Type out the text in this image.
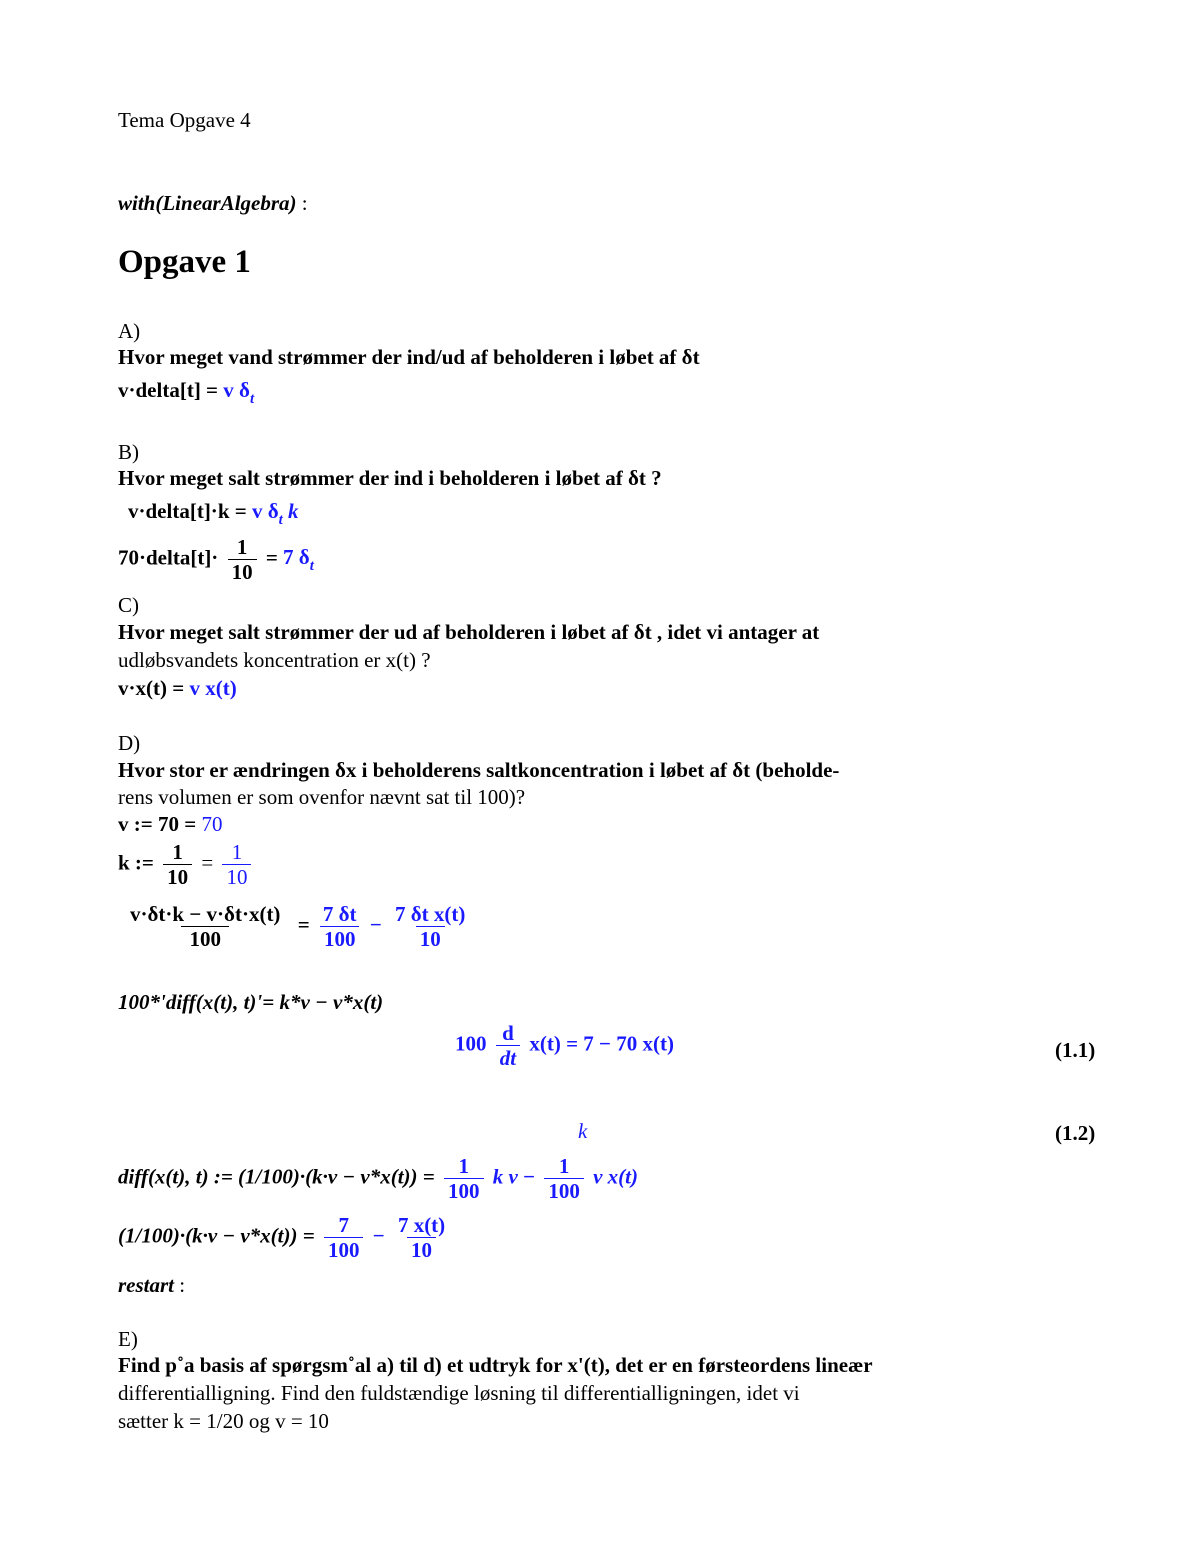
Tema Opgave 4
with(LinearAlgebra) :
Opgave 1
A)
Hvor meget vand strømmer der ind/ud af beholderen i løbet af δt
v·delta[t] = v $\delta_t$
B)
Hvor meget salt strømmer der ind i beholderen i løbet af δt ?
v·delta[t]·k = v $\delta_t$ k
70·delta[t]· $\frac{1}{10} = 7$ $\delta_t$
C)
Hvor meget salt strømmer der ud af beholderen i løbet af δt , idet vi antager at
udløbsvandets koncentration er x(t) ?
v·x(t) = v x(t)
D)
Hvor stor er ændringen δx i beholderens saltkoncentration i løbet af δt (beholde-
rens volumen er som ovenfor nævnt sat til 100)?
v := 70 = 70
k := $\frac{1}{10} = \frac{1}{10}$
$\frac{v\cdot\delta t\cdot k - v\cdot\delta t\cdot x(t)}{100} = \frac{7 \delta t}{100} - \frac{\text{7 δt x(t)}}{10}$
100*'diff(x(t), t)'= k*v − v*x(t)
$100 \frac{d}{dt} x(t) = 7 - 70$ x(t)	(1.1)
k	(1.2)
diff(x(t), t) := $(1/100)\cdot(k\cdot v - v*x(t)) = \frac{1}{100}$ k $v - \frac{1}{100}$ v x(t)
$(1/100)\cdot(k\cdot v - v*x(t)) = \frac{7}{100} - \frac{7 x(t)}{10}$
restart :
E)
Find p˚a basis af spørgsm˚al a) til d) et udtryk for x'(t), det er en førsteordens lineær
differentialligning. Find den fuldstændige løsning til differentialligningen, idet vi
sætter k = 1/20 og v = 10
